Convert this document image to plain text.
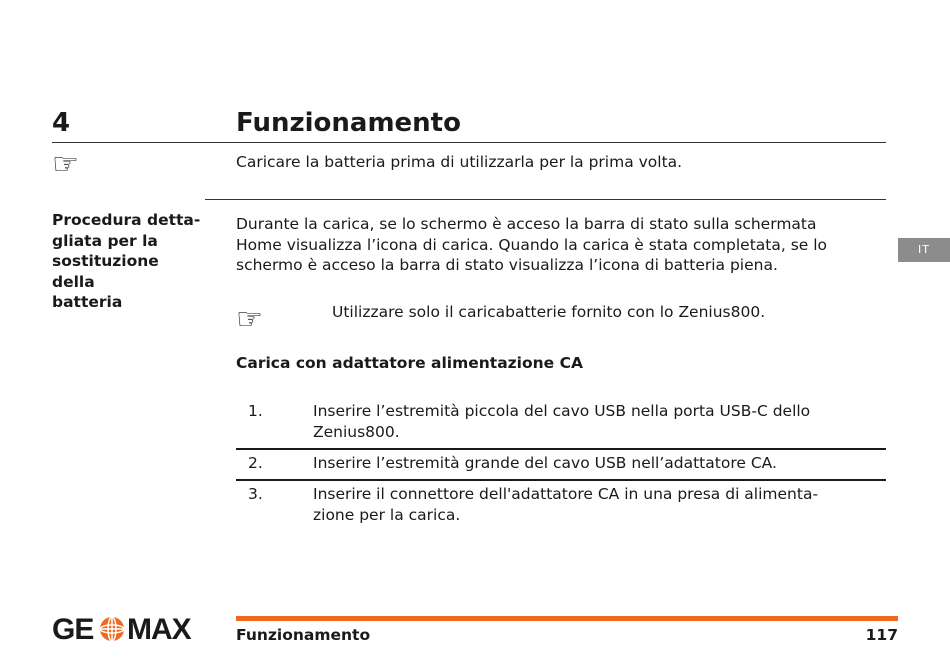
4	Funzionamento
☞	Caricare la batteria prima di utilizzarla per la prima volta.
Procedura detta-
gliata per la
sostituzione
della
batteria
Durante la carica, se lo schermo è acceso la barra di stato sulla schermata
Home visualizza l’icona di carica. Quando la carica è stata completata, se lo
schermo è acceso la barra di stato visualizza l’icona di batteria piena.
IT
☞	Utilizzare solo il caricabatterie fornito con lo Zenius800.
Carica con adattatore alimentazione CA
1.	Inserire l’estremità piccola del cavo USB nella porta USB-C dello
Zenius800.
2.	Inserire l’estremità grande del cavo USB nell’adattatore CA.
3.	Inserire il connettore dell'adattatore CA in una presa di alimenta-
zione per la carica.
GE MAX	Funzionamento	117
